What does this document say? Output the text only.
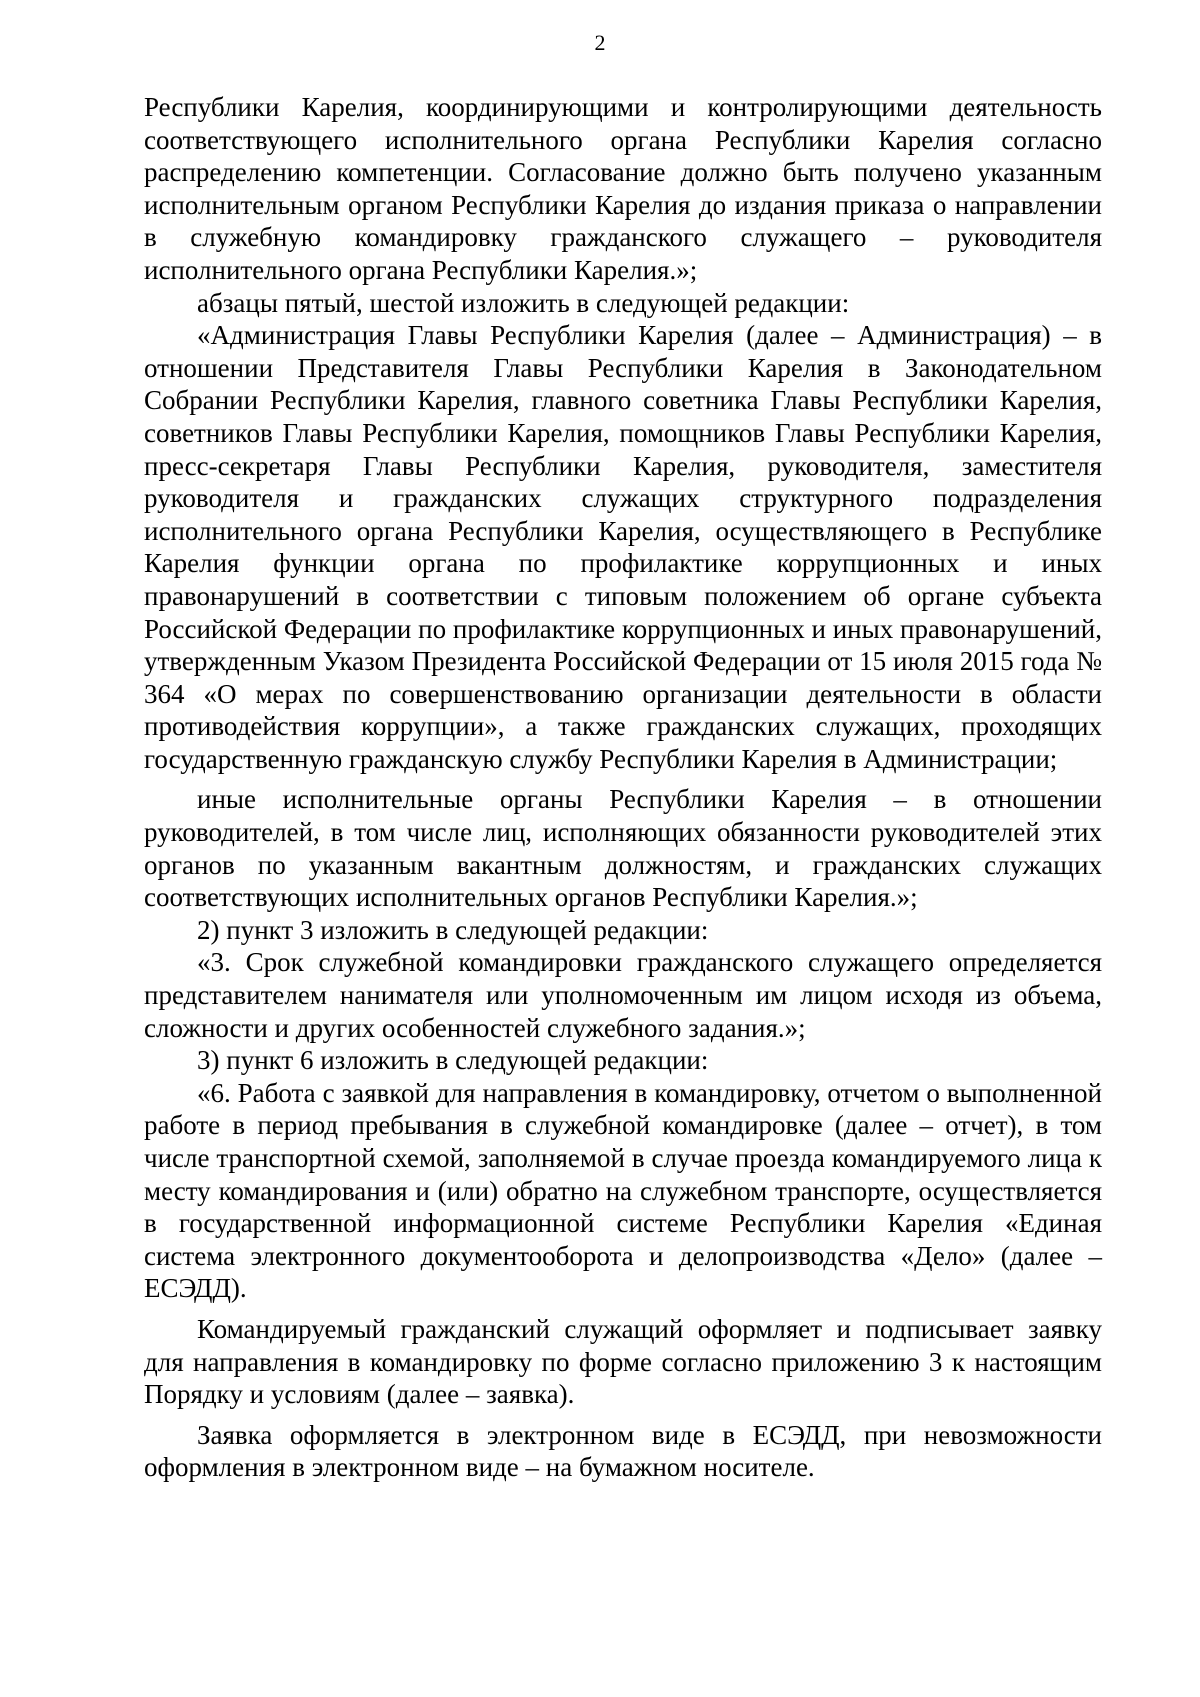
2

Республики Карелия, координирующими и контролирующими деятельность соответствующего исполнительного органа Республики Карелия согласно распределению компетенции. Согласование должно быть получено указанным исполнительным органом Республики Карелия до издания приказа о направлении в служебную командировку гражданского служащего – руководителя исполнительного органа Республики Карелия.»;

абзацы пятый, шестой изложить в следующей редакции:

«Администрация Главы Республики Карелия (далее – Администрация) – в отношении Представителя Главы Республики Карелия в Законодательном Собрании Республики Карелия, главного советника Главы Республики Карелия, советников Главы Республики Карелия, помощников Главы Республики Карелия, пресс-секретаря Главы Республики Карелия, руководителя, заместителя руководителя и гражданских служащих структурного подразделения исполнительного органа Республики Карелия, осуществляющего в Республике Карелия функции органа по профилактике коррупционных и иных правонарушений в соответствии с типовым положением об органе субъекта Российской Федерации по профилактике коррупционных и иных правонарушений, утвержденным Указом Президента Российской Федерации от 15 июля 2015 года № 364 «О мерах по совершенствованию организации деятельности в области противодействия коррупции», а также гражданских служащих, проходящих государственную гражданскую службу Республики Карелия в Администрации;

иные исполнительные органы Республики Карелия – в отношении руководителей, в том числе лиц, исполняющих обязанности руководителей этих органов по указанным вакантным должностям, и гражданских служащих соответствующих исполнительных органов Республики Карелия.»;

2) пункт 3 изложить в следующей редакции:

«3. Срок служебной командировки гражданского служащего определяется представителем нанимателя или уполномоченным им лицом исходя из объема, сложности и других особенностей служебного задания.»;

3) пункт 6 изложить в следующей редакции:

«6. Работа с заявкой для направления в командировку, отчетом о выполненной работе в период пребывания в служебной командировке (далее – отчет), в том числе транспортной схемой, заполняемой в случае проезда командируемого лица к месту командирования и (или) обратно на служебном транспорте, осуществляется в государственной информационной системе Республики Карелия «Единая система электронного документооборота и делопроизводства «Дело» (далее – ЕСЭДД).

Командируемый гражданский служащий оформляет и подписывает заявку для направления в командировку по форме согласно приложению 3 к настоящим Порядку и условиям (далее – заявка).

Заявка оформляется в электронном виде в ЕСЭДД, при невозможности оформления в электронном виде – на бумажном носителе.
